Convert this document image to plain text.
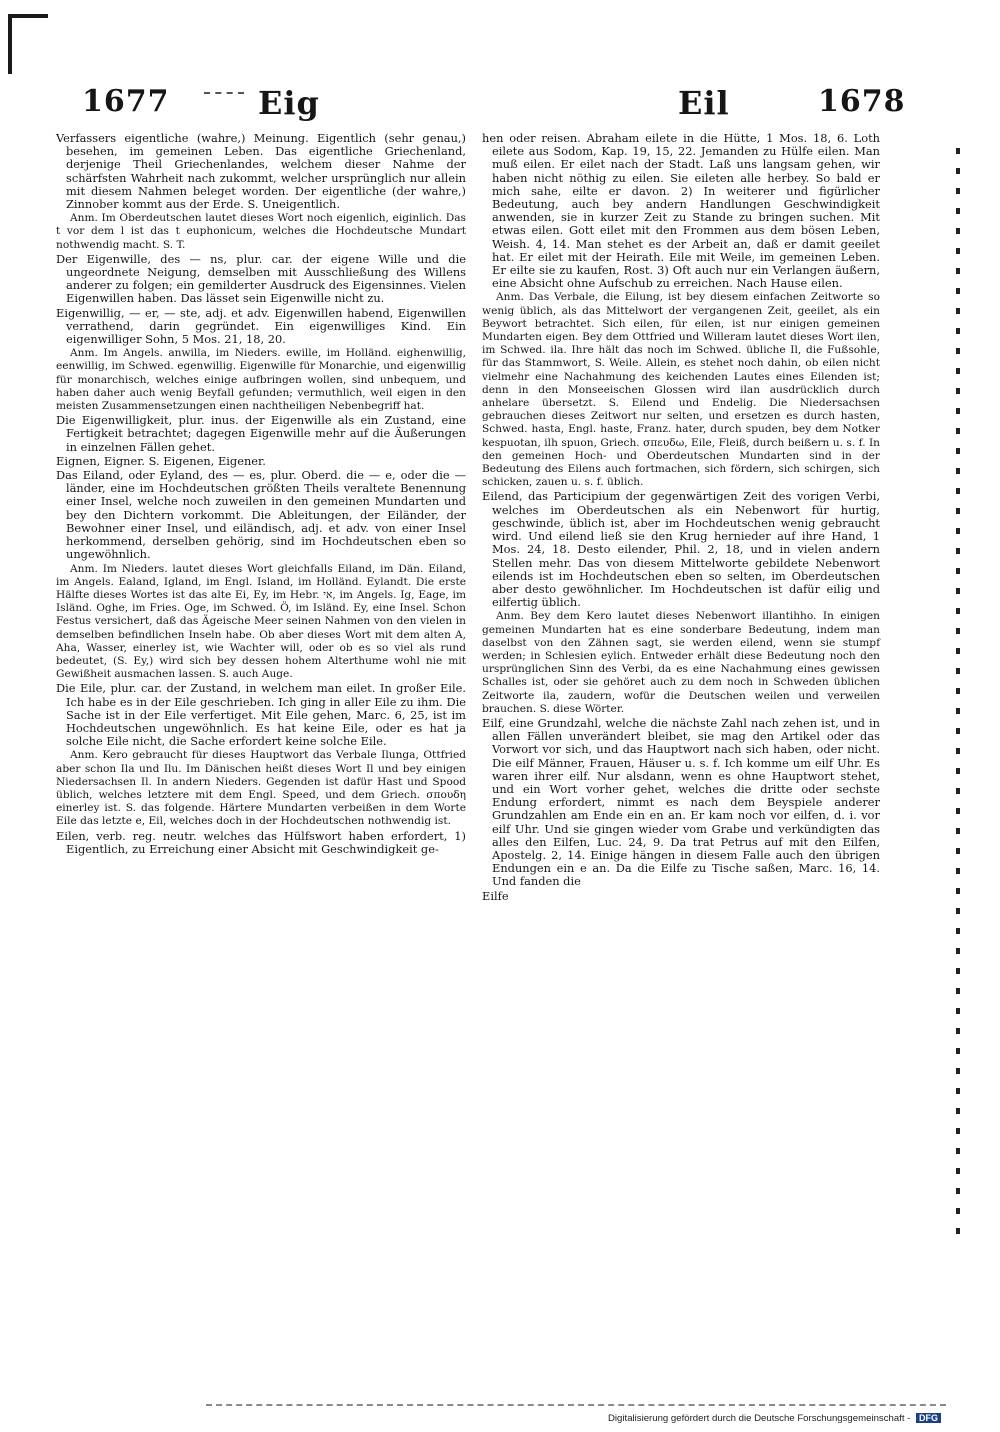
1677	Eig	Eil	1678

Verfassers eigentliche (wahre,) Meinung. Eigentlich (sehr genau,) besehen, im gemeinen Leben. Das eigentliche Griechenland, derjenige Theil Griechenlandes, welchem dieser Nahme der schärfsten Wahrheit nach zukommt, welcher ursprünglich nur allein mit diesem Nahmen beleget worden. Der eigentliche (der wahre,) Zinnober kommt aus der Erde. S. Uneigentlich.

Anm. Im Oberdeutschen lautet dieses Wort noch eigenlich, eiginlich. Das t vor dem l ist das t euphonicum, welches die Hochdeutsche Mundart nothwendig macht. S. T.

Der Eigenwille, des — ns, plur. car. der eigene Wille und die ungeordnete Neigung, demselben mit Ausschließung des Willens anderer zu folgen; ein gemilderter Ausdruck des Eigensinnes. Vielen Eigenwillen haben. Das lässet sein Eigenwille nicht zu.

Eigenwillig, — er, — ste, adj. et adv. Eigenwillen habend, Eigenwillen verrathend, darin gegründet. Ein eigenwilliges Kind. Ein eigenwilliger Sohn, 5 Mos. 21, 18, 20.

Anm. Im Angels. anwilla, im Nieders. ewille, im Holländ. eighenwillig, eenwillig, im Schwed. egenwillig. Eigenwille für Monarchie, und eigenwillig für monarchisch, welches einige aufbringen wollen, sind unbequem, und haben daher auch wenig Beyfall gefunden; vermuthlich, weil eigen in den meisten Zusammensetzungen einen nachtheiligen Nebenbegriff hat.

Die Eigenwilligkeit, plur. inus. der Eigenwille als ein Zustand, eine Fertigkeit betrachtet; dagegen Eigenwille mehr auf die Äußerungen in einzelnen Fällen gehet.

Eignen, Eigner. S. Eigenen, Eigener.

Das Eiland, oder Eyland, des — es, plur. Oberd. die — e, oder die — länder, eine im Hochdeutschen größten Theils veraltete Benennung einer Insel, welche noch zuweilen in den gemeinen Mundarten und bey den Dichtern vorkommt. Die Ableitungen, der Eiländer, der Bewohner einer Insel, und eiländisch, adj. et adv. von einer Insel herkommend, derselben gehörig, sind im Hochdeutschen eben so ungewöhnlich.

Anm. Im Nieders. lautet dieses Wort gleichfalls Eiland, im Dän. Eiland, im Angels. Ealand, Igland, im Engl. Island, im Holländ. Eylandt. Die erste Hälfte dieses Wortes ist das alte Ei, Ey, im Hebr. אי, im Angels. Ig, Eage, im Isländ. Oghe, im Fries. Oge, im Schwed. Ö, im Isländ. Ey, eine Insel. Schon Festus versichert, daß das Ägeische Meer seinen Nahmen von den vielen in demselben befindlichen Inseln habe. Ob aber dieses Wort mit dem alten A, Aha, Wasser, einerley ist, wie Wachter will, oder ob es so viel als rund bedeutet, (S. Ey,) wird sich bey dessen hohem Alterthume wohl nie mit Gewißheit ausmachen lassen. S. auch Auge.

Die Eile, plur. car. der Zustand, in welchem man eilet. In großer Eile. Ich habe es in der Eile geschrieben. Ich ging in aller Eile zu ihm. Die Sache ist in der Eile verfertiget. Mit Eile gehen, Marc. 6, 25, ist im Hochdeutschen ungewöhnlich. Es hat keine Eile, oder es hat ja solche Eile nicht, die Sache erfordert keine solche Eile.

Anm. Kero gebraucht für dieses Hauptwort das Verbale Ilunga, Ottfried aber schon Ila und Ilu. Im Dänischen heißt dieses Wort Il und bey einigen Niedersachsen Il. In andern Nieders. Gegenden ist dafür Hast und Spood üblich, welches letztere mit dem Engl. Speed, und dem Griech. σπουδη einerley ist. S. das folgende. Härtere Mundarten verbeißen in dem Worte Eile das letzte e, Eil, welches doch in der Hochdeutschen nothwendig ist.

Eilen, verb. reg. neutr. welches das Hülfswort haben erfordert, 1) Eigentlich, zu Erreichung einer Absicht mit Geschwindigkeit ge-

hen oder reisen. Abraham eilete in die Hütte, 1 Mos. 18, 6. Loth eilete aus Sodom, Kap. 19, 15, 22. Jemanden zu Hülfe eilen. Man muß eilen. Er eilet nach der Stadt. Laß uns langsam gehen, wir haben nicht nöthig zu eilen. Sie eileten alle herbey. So bald er mich sahe, eilte er davon. 2) In weiterer und figürlicher Bedeutung, auch bey andern Handlungen Geschwindigkeit anwenden, sie in kurzer Zeit zu Stande zu bringen suchen. Mit etwas eilen. Gott eilet mit den Frommen aus dem bösen Leben, Weish. 4, 14. Man stehet es der Arbeit an, daß er damit geeilet hat. Er eilet mit der Heirath. Eile mit Weile, im gemeinen Leben. Er eilte sie zu kaufen, Rost. 3) Oft auch nur ein Verlangen äußern, eine Absicht ohne Aufschub zu erreichen. Nach Hause eilen.

Anm. Das Verbale, die Eilung, ist bey diesem einfachen Zeitworte so wenig üblich, als das Mittelwort der vergangenen Zeit, geeilet, als ein Beywort betrachtet. Sich eilen, für eilen, ist nur einigen gemeinen Mundarten eigen. Bey dem Ottfried und Willeram lautet dieses Wort ilen, im Schwed. ila. Ihre hält das noch im Schwed. übliche Il, die Fußsohle, für das Stammwort, S. Weile. Allein, es stehet noch dahin, ob eilen nicht vielmehr eine Nachahmung des keichenden Lautes eines Eilenden ist; denn in den Monseeischen Glossen wird ilan ausdrücklich durch anhelare übersetzt. S. Eilend und Endelig. Die Niedersachsen gebrauchen dieses Zeitwort nur selten, und ersetzen es durch hasten, Schwed. hasta, Engl. haste, Franz. hater, durch spuden, bey dem Notker kespuotan, ilh spuon, Griech. σπευδω, Eile, Fleiß, durch beißern u. s. f. In den gemeinen Hoch- und Oberdeutschen Mundarten sind in der Bedeutung des Eilens auch fortmachen, sich fördern, sich schirgen, sich schicken, zauen u. s. f. üblich.

Eilend, das Participium der gegenwärtigen Zeit des vorigen Verbi, welches im Oberdeutschen als ein Nebenwort für hurtig, geschwinde, üblich ist, aber im Hochdeutschen wenig gebraucht wird. Und eilend ließ sie den Krug hernieder auf ihre Hand, 1 Mos. 24, 18. Desto eilender, Phil. 2, 18, und in vielen andern Stellen mehr. Das von diesem Mittelworte gebildete Nebenwort eilends ist im Hochdeutschen eben so selten, im Oberdeutschen aber desto gewöhnlicher. Im Hochdeutschen ist dafür eilig und eilfertig üblich.

Anm. Bey dem Kero lautet dieses Nebenwort illantihho. In einigen gemeinen Mundarten hat es eine sonderbare Bedeutung, indem man daselbst von den Zähnen sagt, sie werden eilend, wenn sie stumpf werden; in Schlesien eylich. Entweder erhält diese Bedeutung noch den ursprünglichen Sinn des Verbi, da es eine Nachahmung eines gewissen Schalles ist, oder sie gehöret auch zu dem noch in Schweden üblichen Zeitworte ila, zaudern, wofür die Deutschen weilen und verweilen brauchen. S. diese Wörter.

Eilf, eine Grundzahl, welche die nächste Zahl nach zehen ist, und in allen Fällen unverändert bleibet, sie mag den Artikel oder das Vorwort vor sich, und das Hauptwort nach sich haben, oder nicht. Die eilf Männer, Frauen, Häuser u. s. f. Ich komme um eilf Uhr. Es waren ihrer eilf. Nur alsdann, wenn es ohne Hauptwort stehet, und ein Wort vorher gehet, welches die dritte oder sechste Endung erfordert, nimmt es nach dem Beyspiele anderer Grundzahlen am Ende ein en an. Er kam noch vor eilfen, d. i. vor eilf Uhr. Und sie gingen wieder vom Grabe und verkündigten das alles den Eilfen, Luc. 24, 9. Da trat Petrus auf mit den Eilfen, Apostelg. 2, 14. Einige hängen in diesem Falle auch den übrigen Endungen ein e an. Da die Eilfe zu Tische saßen, Marc. 16, 14. Und fanden die

Eilfe

Digitalisierung gefördert durch die Deutsche Forschungsgemeinschaft - DFG
